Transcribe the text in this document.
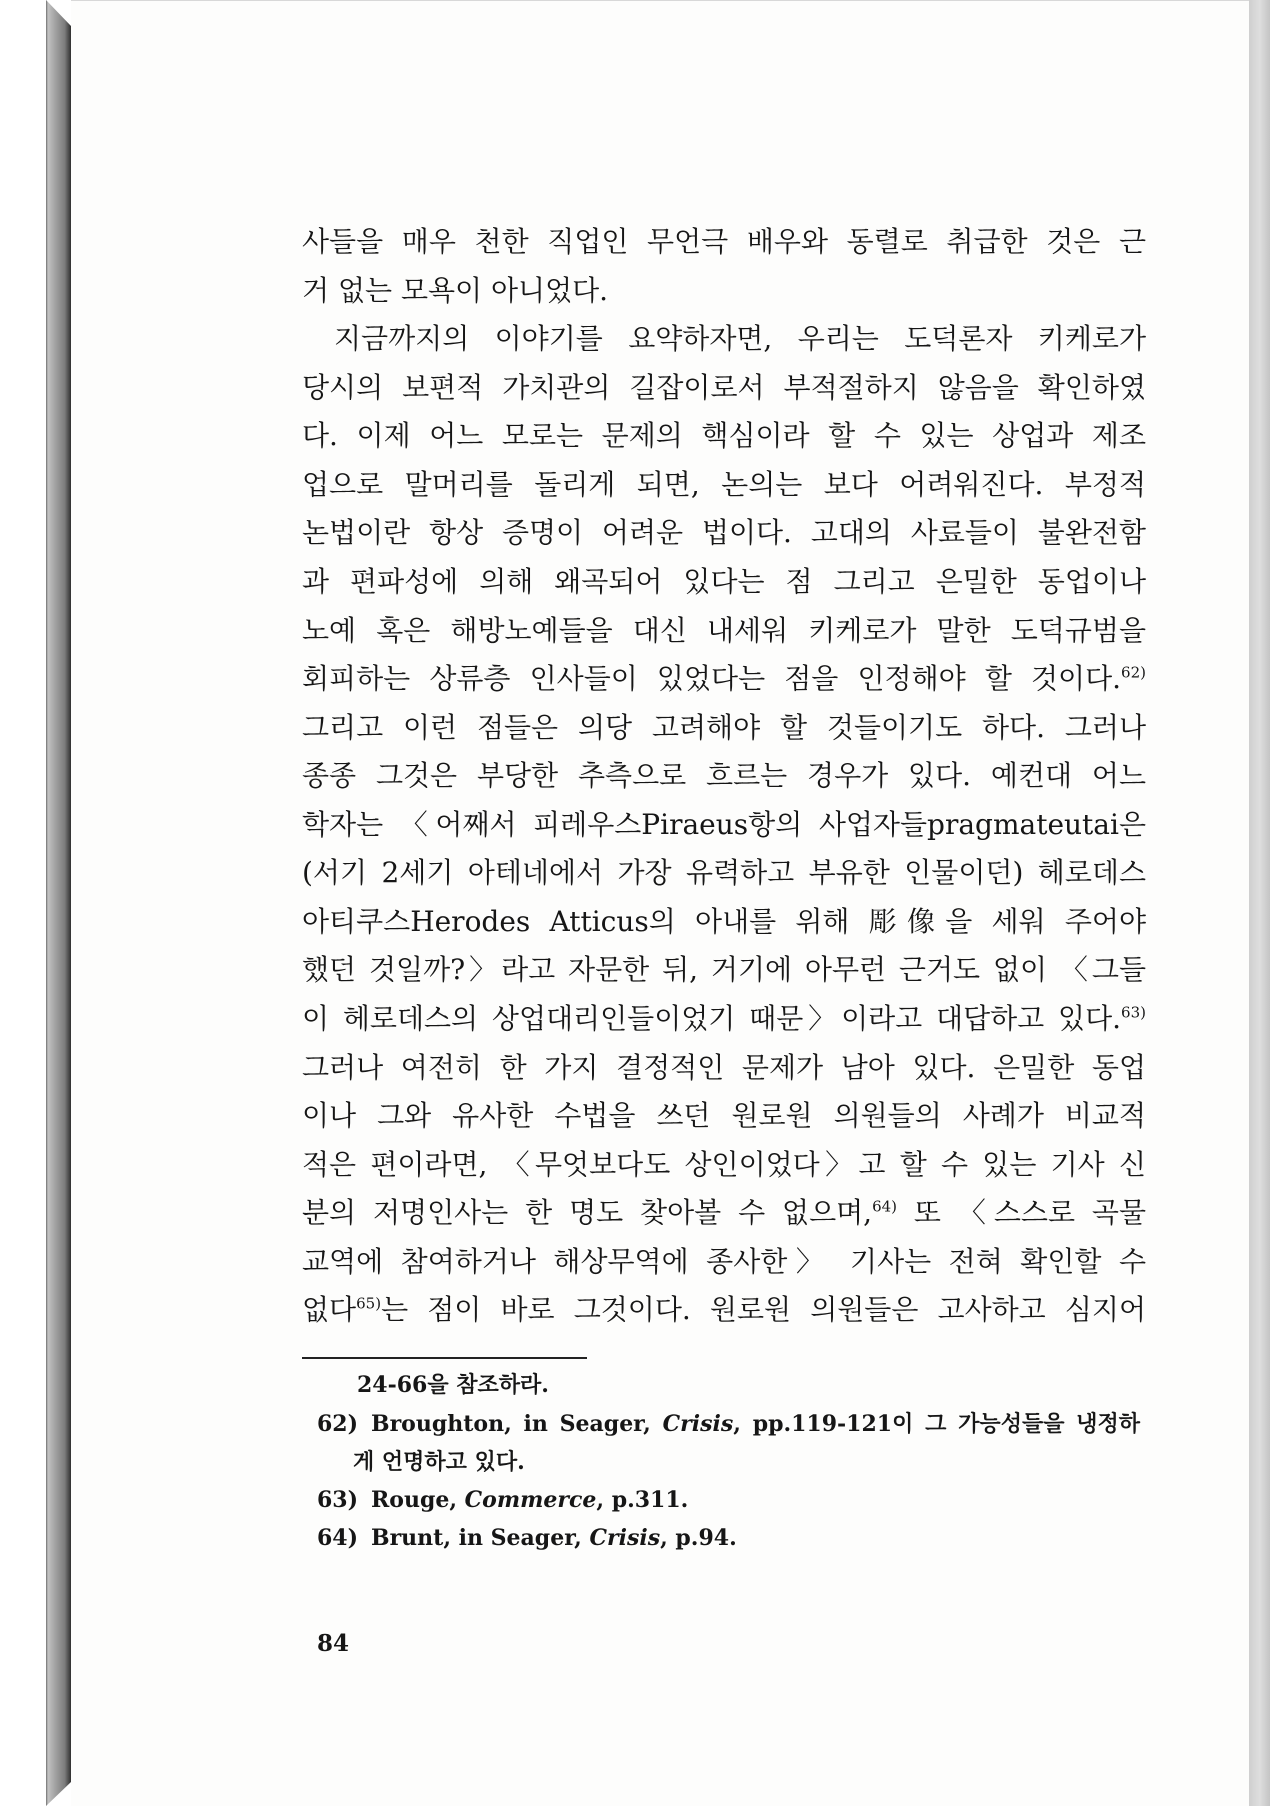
사들을 매우 천한 직업인 무언극 배우와 동렬로 취급한 것은 근
거 없는 모욕이 아니었다.
지금까지의 이야기를 요약하자면, 우리는 도덕론자 키케로가
당시의 보편적 가치관의 길잡이로서 부적절하지 않음을 확인하였
다. 이제 어느 모로는 문제의 핵심이라 할 수 있는 상업과 제조
업으로 말머리를 돌리게 되면, 논의는 보다 어려워진다. 부정적
논법이란 항상 증명이 어려운 법이다. 고대의 사료들이 불완전함
과 편파성에 의해 왜곡되어 있다는 점 그리고 은밀한 동업이나
노예 혹은 해방노예들을 대신 내세워 키케로가 말한 도덕규범을
회피하는 상류층 인사들이 있었다는 점을 인정해야 할 것이다.$^{62)}$
그리고 이런 점들은 의당 고려해야 할 것들이기도 하다. 그러나
종종 그것은 부당한 추측으로 흐르는 경우가 있다. 예컨대 어느
학자는 〈어째서 피레우스Piraeus항의 사업자들pragmateutai은
(서기 2세기 아테네에서 가장 유력하고 부유한 인물이던) 헤로데스
아티쿠스Herodes Atticus의 아내를 위해 彫像을 세워 주어야
했던 것일까?〉라고 자문한 뒤, 거기에 아무런 근거도 없이 〈그들
이 헤로데스의 상업대리인들이었기 때문〉이라고 대답하고 있다.$^{63)}$
그러나 여전히 한 가지 결정적인 문제가 남아 있다. 은밀한 동업
이나 그와 유사한 수법을 쓰던 원로원 의원들의 사례가 비교적
적은 편이라면, 〈무엇보다도 상인이었다〉고 할 수 있는 기사 신
분의 저명인사는 한 명도 찾아볼 수 없으며,$^{64)}$ 또 〈스스로 곡물
교역에 참여하거나 해상무역에 종사한〉 기사는 전혀 확인할 수
없다$^{65)}$는 점이 바로 그것이다. 원로원 의원들은 고사하고 심지어
24-66을 참조하라.
62) Broughton, in Seager, Crisis, pp.119-121이 그 가능성들을 냉정하
게 언명하고 있다.
63) Rouge, Commerce, p.311.
64) Brunt, in Seager, Crisis, p.94.
84
